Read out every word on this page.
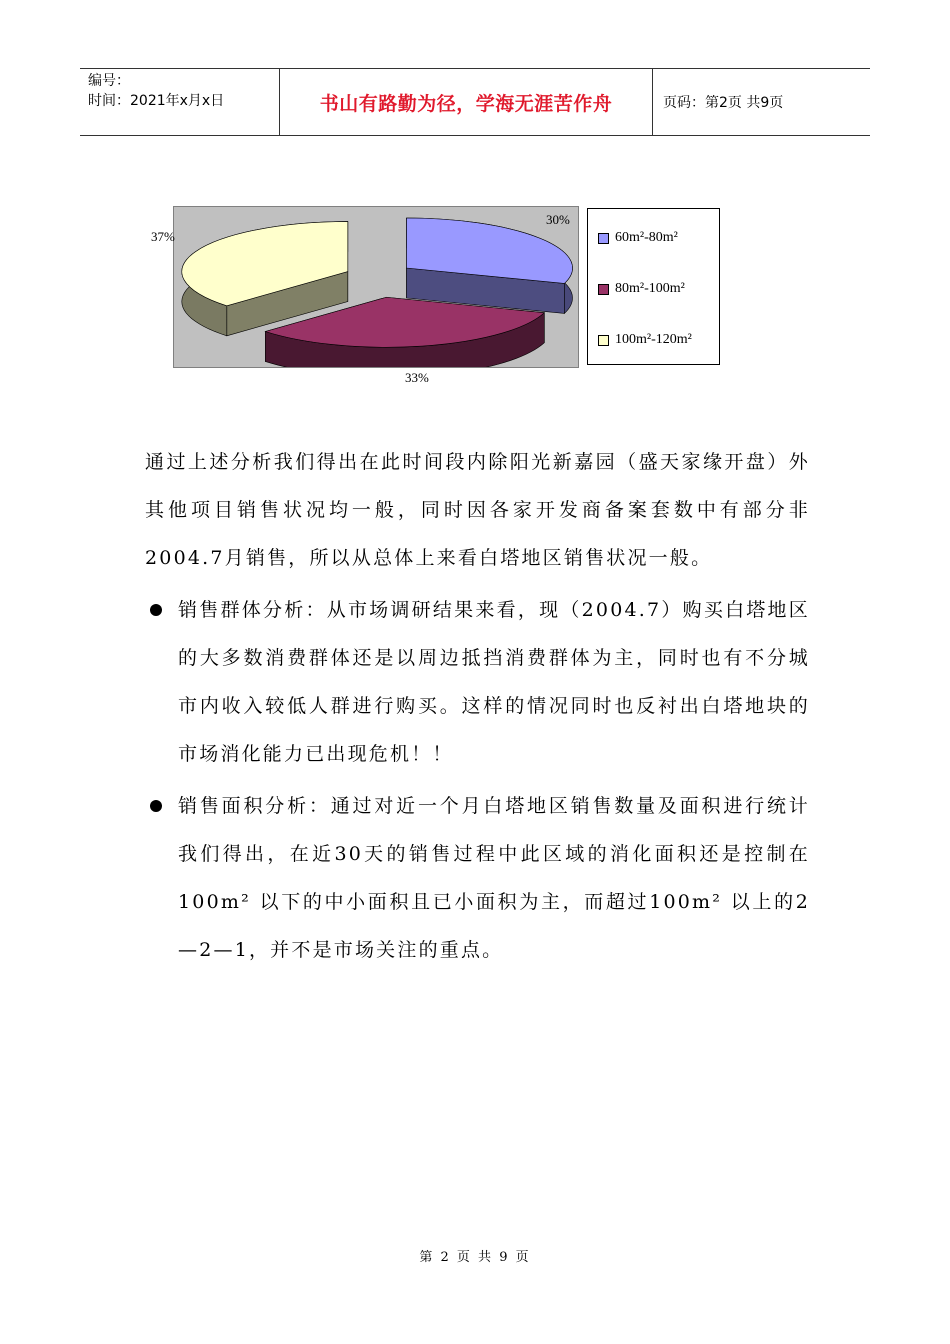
编号：
时间：2021年x月x日	书山有路勤为径，学海无涯苦作舟	页码：第2页 共9页
30%
33%
37%	60m²-80m²
80m²-100m²
100m²-120m²
通过上述分析我们得出在此时间段内除阳光新嘉园（盛天家缘开盘）外其他项目销售状况均一般，同时因各家开发商备案套数中有部分非2004.7月销售，所以从总体上来看白塔地区销售状况一般。
销售群体分析：从市场调研结果来看，现（2004.7）购买白塔地区的大多数消费群体还是以周边抵挡消费群体为主，同时也有不分城市内收入较低人群进行购买。这样的情况同时也反衬出白塔地块的市场消化能力已出现危机！！
销售面积分析：通过对近一个月白塔地区销售数量及面积进行统计我们得出，在近30天的销售过程中此区域的消化面积还是控制在100m² 以下的中小面积且已小面积为主，而超过100m² 以上的2—2—1，并不是市场关注的重点。
第 2 页 共 9 页
